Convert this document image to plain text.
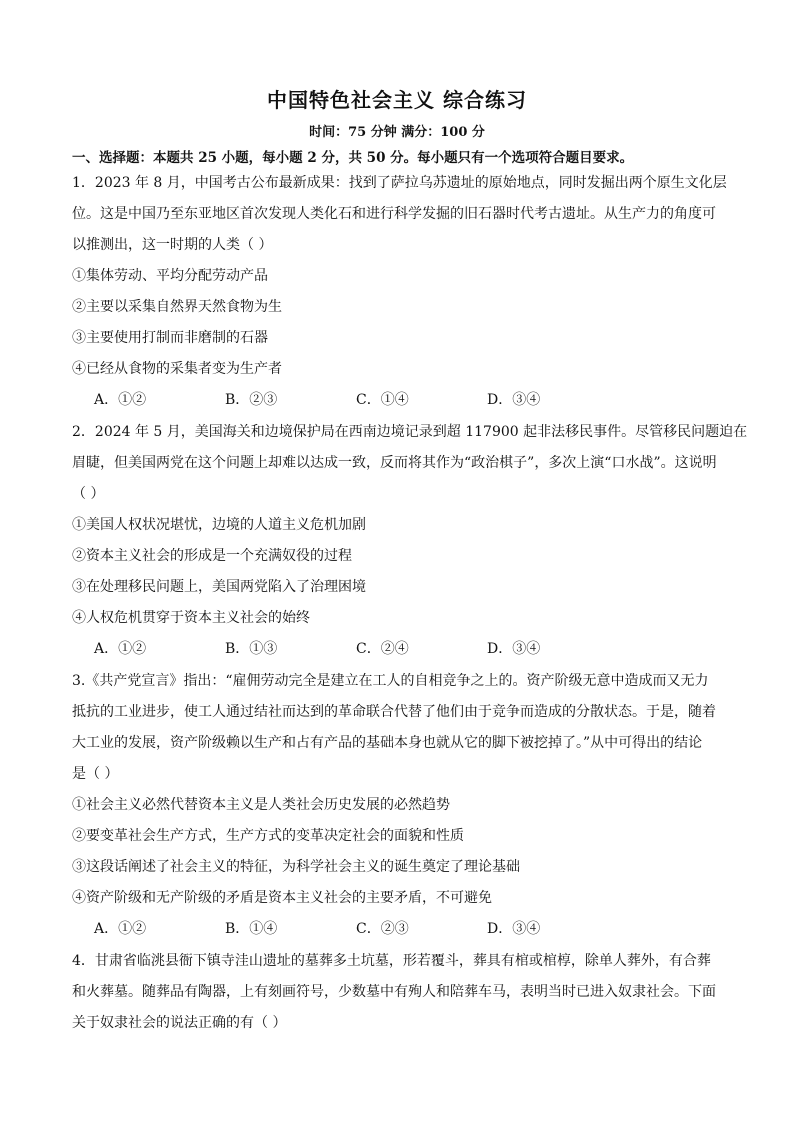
中国特色社会主义 综合练习
时间：75 分钟 满分：100 分
一、选择题：本题共 25 小题，每小题 2 分，共 50 分。每小题只有一个选项符合题目要求。
1．2023 年 8 月，中国考古公布最新成果：找到了萨拉乌苏遗址的原始地点，同时发掘出两个原生文化层
位。这是中国乃至东亚地区首次发现人类化石和进行科学发掘的旧石器时代考古遗址。从生产力的角度可
以推测出，这一时期的人类（ ）
①集体劳动、平均分配劳动产品
②主要以采集自然界天然食物为生
③主要使用打制而非磨制的石器
④已经从食物的采集者变为生产者
A．①②	B．②③	C．①④	D．③④
2．2024 年 5 月，美国海关和边境保护局在西南边境记录到超 117900 起非法移民事件。尽管移民问题迫在
眉睫，但美国两党在这个问题上却难以达成一致，反而将其作为“政治棋子”，多次上演“口水战”。这说明
（ ）
①美国人权状况堪忧，边境的人道主义危机加剧
②资本主义社会的形成是一个充满奴役的过程
③在处理移民问题上，美国两党陷入了治理困境
④人权危机贯穿于资本主义社会的始终
A．①②	B．①③	C．②④	D．③④
3.《共产党宣言》指出：“雇佣劳动完全是建立在工人的自相竞争之上的。资产阶级无意中造成而又无力
抵抗的工业进步，使工人通过结社而达到的革命联合代替了他们由于竞争而造成的分散状态。于是，随着
大工业的发展，资产阶级赖以生产和占有产品的基础本身也就从它的脚下被挖掉了。”从中可得出的结论
是（ ）
①社会主义必然代替资本主义是人类社会历史发展的必然趋势
②要变革社会生产方式，生产方式的变革决定社会的面貌和性质
③这段话阐述了社会主义的特征，为科学社会主义的诞生奠定了理论基础
④资产阶级和无产阶级的矛盾是资本主义社会的主要矛盾，不可避免
A．①②	B．①④	C．②③	D．③④
4．甘肃省临洮县衙下镇寺洼山遗址的墓葬多土坑墓，形若覆斗，葬具有棺或棺椁，除单人葬外，有合葬
和火葬墓。随葬品有陶器，上有刻画符号，少数墓中有殉人和陪葬车马，表明当时已进入奴隶社会。下面
关于奴隶社会的说法正确的有（ ）
